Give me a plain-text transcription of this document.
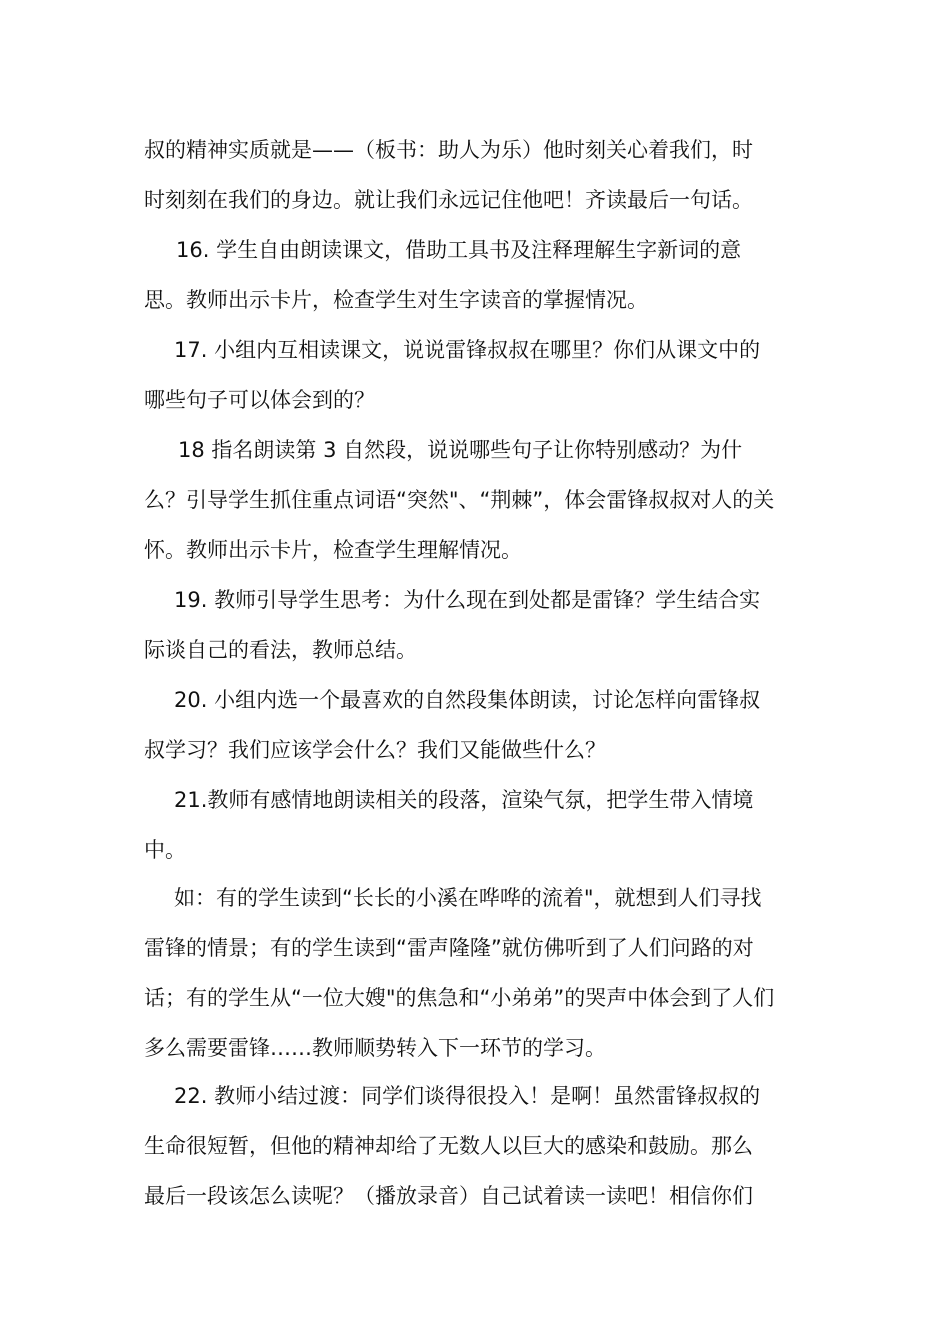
叔的精神实质就是——（板书：助人为乐）他时刻关心着我们，时
时刻刻在我们的身边。就让我们永远记住他吧！齐读最后一句话。
16. 学生自由朗读课文，借助工具书及注释理解生字新词的意
思。教师出示卡片，检查学生对生字读音的掌握情况。
17. 小组内互相读课文，说说雷锋叔叔在哪里？你们从课文中的
哪些句子可以体会到的？
18 指名朗读第 3 自然段，说说哪些句子让你特别感动？为什
么？引导学生抓住重点词语“突然"、“荆棘”，体会雷锋叔叔对人的关
怀。教师出示卡片，检查学生理解情况。
19. 教师引导学生思考：为什么现在到处都是雷锋？学生结合实
际谈自己的看法，教师总结。
20. 小组内选一个最喜欢的自然段集体朗读，讨论怎样向雷锋叔
叔学习？我们应该学会什么？我们又能做些什么？
21.教师有感情地朗读相关的段落，渲染气氛，把学生带入情境
中。
如：有的学生读到“长长的小溪在哗哗的流着"，就想到人们寻找
雷锋的情景；有的学生读到“雷声隆隆”就仿佛听到了人们问路的对
话；有的学生从“一位大嫂"的焦急和“小弟弟”的哭声中体会到了人们
多么需要雷锋……教师顺势转入下一环节的学习。
22. 教师小结过渡：同学们谈得很投入！是啊！虽然雷锋叔叔的
生命很短暂，但他的精神却给了无数人以巨大的感染和鼓励。那么
最后一段该怎么读呢？（播放录音）自己试着读一读吧！相信你们
